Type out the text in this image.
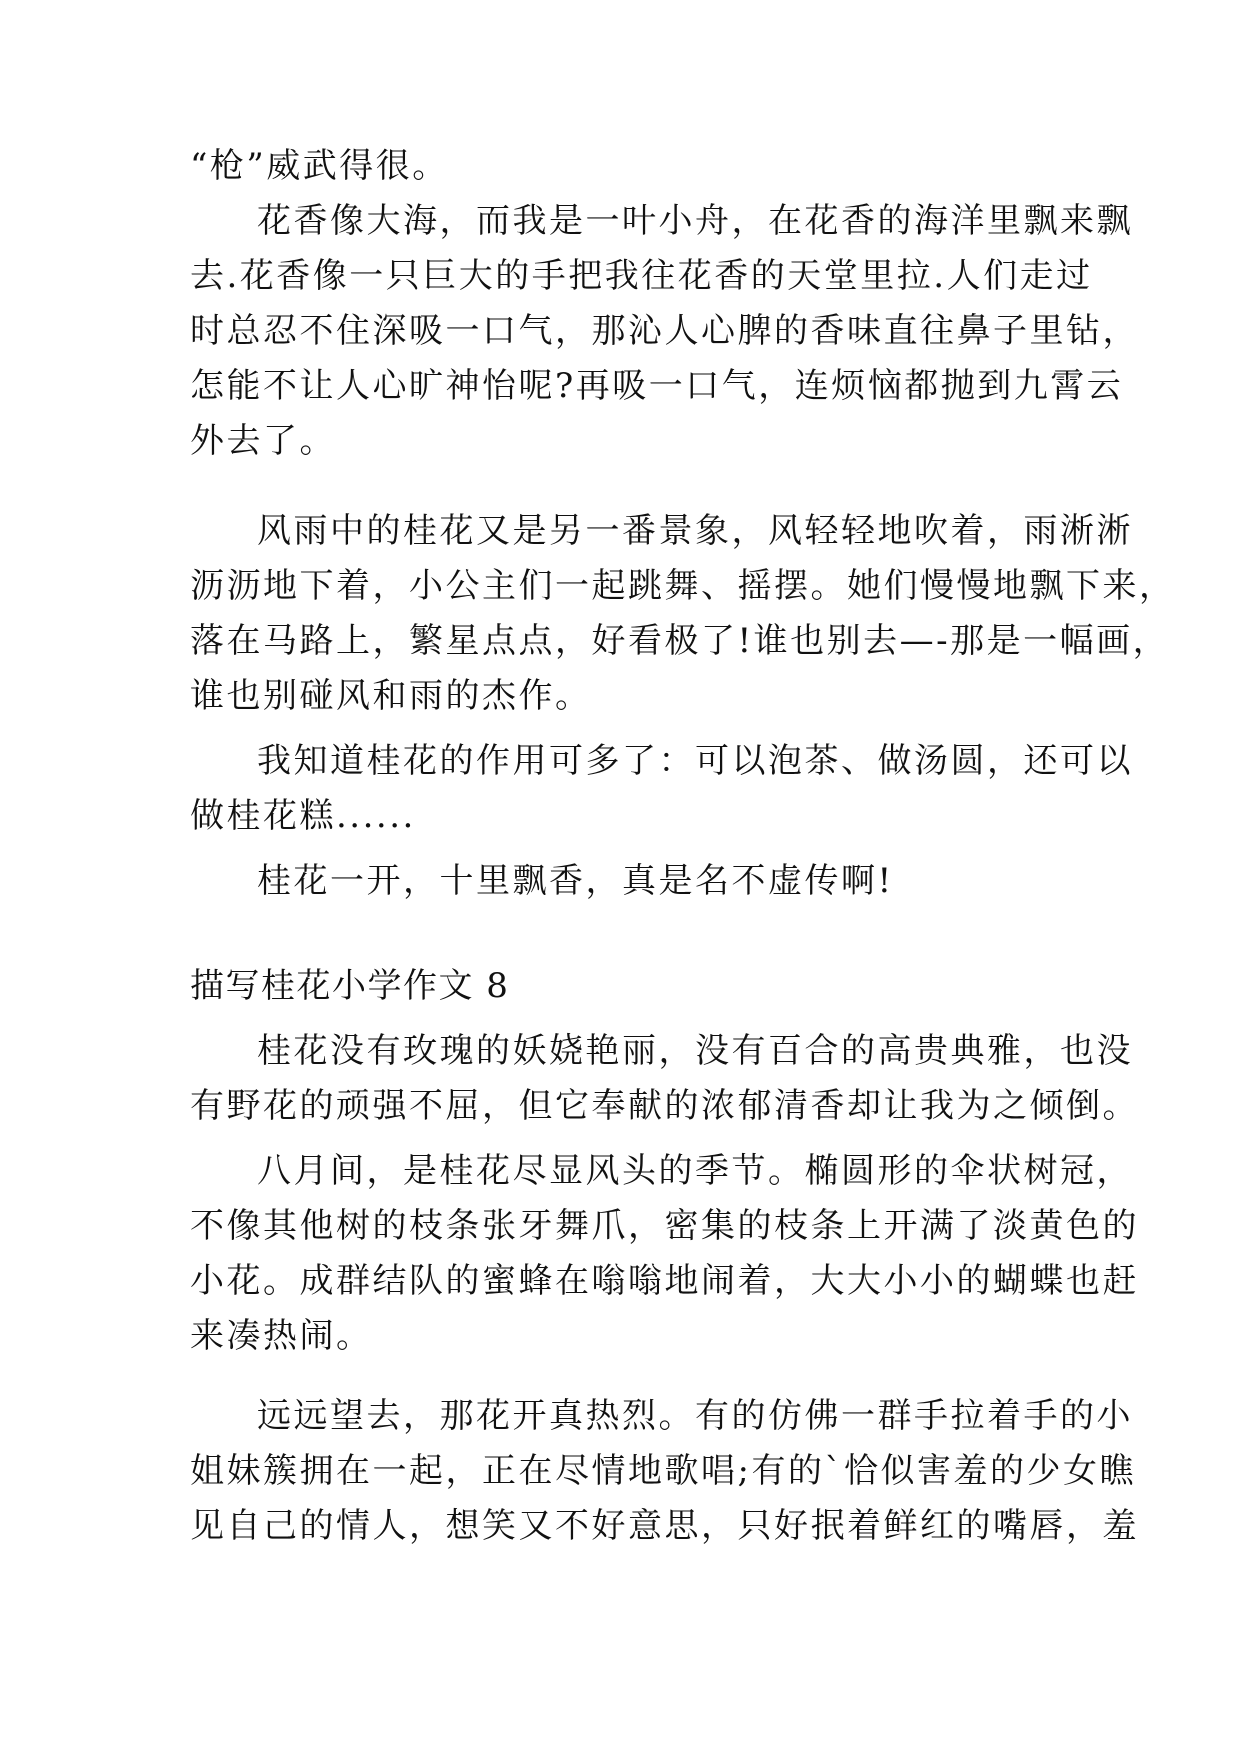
“枪”威武得很。
花香像大海，而我是一叶小舟，在花香的海洋里飘来飘
去.花香像一只巨大的手把我往花香的天堂里拉.人们走过
时总忍不住深吸一口气，那沁人心脾的香味直往鼻子里钻，
怎能不让人心旷神怡呢?再吸一口气，连烦恼都抛到九霄云
外去了。
风雨中的桂花又是另一番景象，风轻轻地吹着，雨淅淅
沥沥地下着，小公主们一起跳舞、摇摆。她们慢慢地飘下来，
落在马路上，繁星点点，好看极了!谁也别去—-那是一幅画，
谁也别碰风和雨的杰作。
我知道桂花的作用可多了：可以泡茶、做汤圆，还可以
做桂花糕......
桂花一开，十里飘香，真是名不虚传啊!
描写桂花小学作文 8
桂花没有玫瑰的妖娆艳丽，没有百合的高贵典雅，也没
有野花的顽强不屈，但它奉献的浓郁清香却让我为之倾倒。
八月间，是桂花尽显风头的季节。椭圆形的伞状树冠，
不像其他树的枝条张牙舞爪，密集的枝条上开满了淡黄色的
小花。成群结队的蜜蜂在嗡嗡地闹着，大大小小的蝴蝶也赶
来凑热闹。
远远望去，那花开真热烈。有的仿佛一群手拉着手的小
姐妹簇拥在一起，正在尽情地歌唱;有的`恰似害羞的少女瞧
见自己的情人，想笑又不好意思，只好抿着鲜红的嘴唇，羞
